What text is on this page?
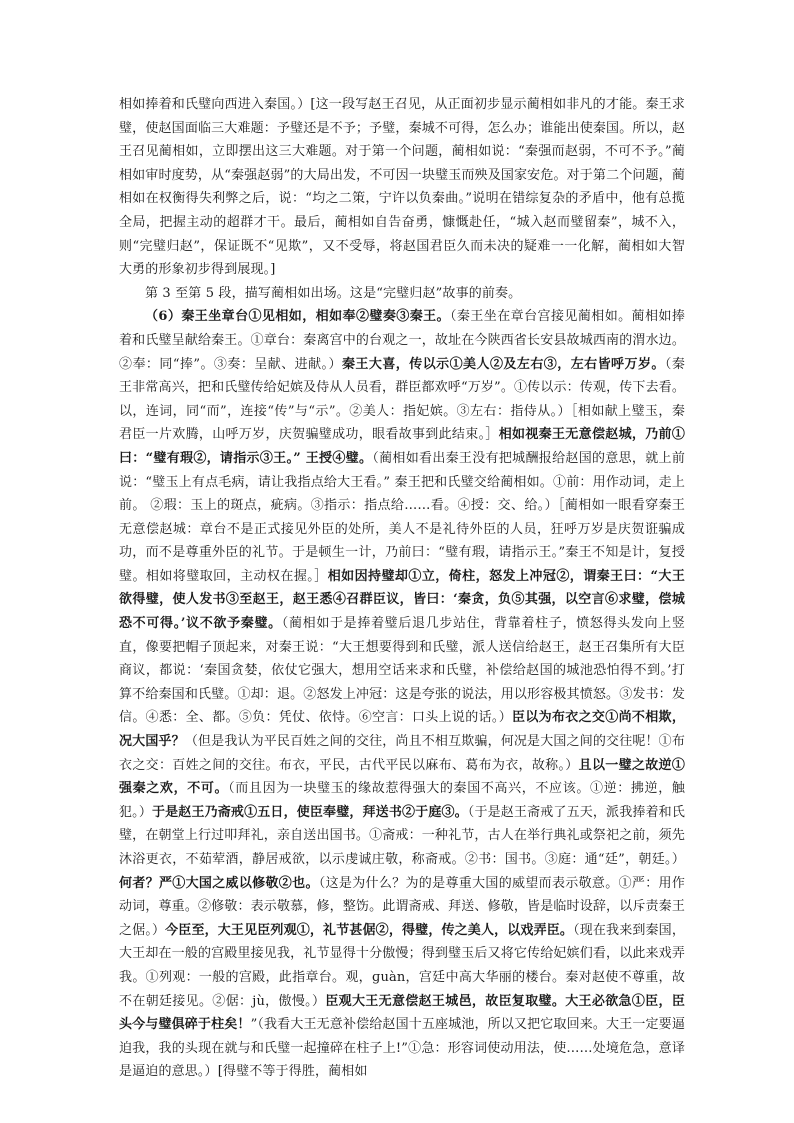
相如捧着和氏璧向西进入秦国。）[这一段写赵王召见，从正面初步显示蔺相如非凡的才能。秦王求璧，使赵国面临三大难题：予璧还是不予；予璧，秦城不可得，怎么办；谁能出使秦国。所以，赵王召见蔺相如，立即摆出这三大难题。对于第一个问题，蔺相如说：“秦强而赵弱，不可不予。”蔺相如审时度势，从“秦强赵弱”的大局出发，不可因一块璧玉而殃及国家安危。对于第二个问题，蔺相如在权衡得失利弊之后，说：“均之二策，宁许以负秦曲。”说明在错综复杂的矛盾中，他有总揽全局，把握主动的超群才干。最后，蔺相如自告奋勇，慷慨赴任，“城入赵而璧留秦”，城不入，则“完璧归赵”，保证既不“见欺”，又不受辱，将赵国君臣久而未决的疑难一一化解，蔺相如大智大勇的形象初步得到展现。]

第 3 至第 5 段，描写蔺相如出场。这是“完璧归赵”故事的前奏。

（6）秦王坐章台①见相如，相如奉②璧奏③秦王。（秦王坐在章台宫接见蔺相如。蔺相如捧着和氏璧呈献给秦王。①章台：秦离宫中的台观之一，故址在今陕西省长安县故城西南的渭水边。②奉：同“捧”。③奏：呈献、进献。）秦王大喜，传以示①美人②及左右③，左右皆呼万岁。（秦王非常高兴，把和氏璧传给妃嫔及侍从人员看，群臣都欢呼“万岁”。①传以示：传观，传下去看。以，连词，同“而”，连接“传”与“示”。②美人：指妃嫔。③左右：指侍从。）［相如献上璧玉，秦君臣一片欢腾，山呼万岁，庆贺骗璧成功，眼看故事到此结束。］相如视秦王无意偿赵城，乃前①曰：“璧有瑕②，请指示③王。” 王授④璧。（蔺相如看出秦王没有把城酬报给赵国的意思，就上前说：“璧玉上有点毛病，请让我指点给大王看。” 秦王把和氏璧交给蔺相如。①前：用作动词，走上前。 ②瑕：玉上的斑点，疵病。③指示：指点给……看。④授：交、给。）［蔺相如一眼看穿秦王无意偿赵城：章台不是正式接见外臣的处所，美人不是礼待外臣的人员，狂呼万岁是庆贺诳骗成功，而不是尊重外臣的礼节。于是顿生一计，乃前曰：“璧有瑕，请指示王。”秦王不知是计，复授璧。相如将璧取回，主动权在握。］相如因持璧却①立，倚柱，怒发上冲冠②，谓秦王曰：“大王欲得璧，使人发书③至赵王，赵王悉④召群臣议，皆曰：‘秦贪，负⑤其强，以空言⑥求璧，偿城恐不可得。’议不欲予秦璧。（蔺相如于是捧着璧后退几步站住，背靠着柱子，愤怒得头发向上竖直，像要把帽子顶起来，对秦王说：“大王想要得到和氏璧，派人送信给赵王，赵王召集所有大臣商议，都说：‘秦国贪婪，依仗它强大，想用空话来求和氏璧，补偿给赵国的城池恐怕得不到。’打算不给秦国和氏璧。①却：退。②怒发上冲冠：这是夸张的说法，用以形容极其愤怒。③发书：发信。④悉：全、都。⑤负：凭仗、依恃。⑥空言：口头上说的话。）臣以为布衣之交①尚不相欺，况大国乎？（但是我认为平民百姓之间的交往，尚且不相互欺骗，何况是大国之间的交往呢！①布衣之交：百姓之间的交往。布衣，平民，古代平民以麻布、葛布为衣，故称。）且以一璧之故逆①强秦之欢，不可。（而且因为一块璧玉的缘故惹得强大的秦国不高兴，不应该。①逆：拂逆，触犯。）于是赵王乃斋戒①五日，使臣奉璧，拜送书②于庭③。（于是赵王斋戒了五天，派我捧着和氏璧，在朝堂上行过叩拜礼，亲自送出国书。①斋戒：一种礼节，古人在举行典礼或祭祀之前，须先沐浴更衣，不茹荤酒，静居戒欲，以示虔诚庄敬，称斋戒。②书：国书。③庭：通“廷”，朝廷。）何者？严①大国之威以修敬②也。（这是为什么？为的是尊重大国的威望而表示敬意。①严：用作动词，尊重。②修敬：表示敬慕，修，整饬。此谓斋戒、拜送、修敬，皆是临时设辞，以斥责秦王之倨。）今臣至，大王见臣列观①，礼节甚倨②，得璧，传之美人，以戏弄臣。（现在我来到秦国，大王却在一般的宫殿里接见我，礼节显得十分傲慢；得到璧玉后又将它传给妃嫔们看，以此来戏弄我。①列观：一般的宫殿，此指章台。观，ɡuàn，宫廷中高大华丽的楼台。秦对赵使不尊重，故不在朝廷接见。②倨：jù，傲慢。）臣观大王无意偿赵王城邑，故臣复取璧。大王必欲急①臣，臣头今与璧俱碎于柱矣！”（我看大王无意补偿给赵国十五座城池，所以又把它取回来。大王一定要逼迫我，我的头现在就与和氏璧一起撞碎在柱子上!”①急：形容词使动用法，使……处境危急，意译是逼迫的意思。）[得璧不等于得胜，蔺相如
